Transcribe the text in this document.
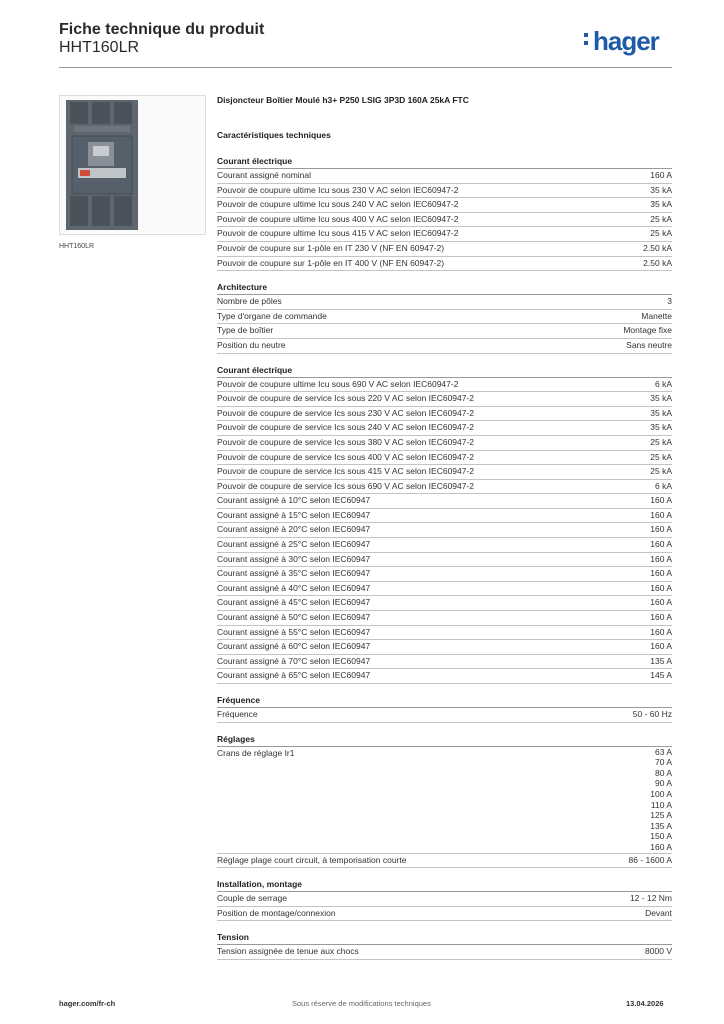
Fiche technique du produit
HHT160LR	hager
HHT160LR
Disjoncteur Boîtier Moulé h3+ P250 LSIG 3P3D 160A 25kA FTC
Caractéristiques techniques
Courant électrique
Courant assigné nominal	160 A
Pouvoir de coupure ultime Icu sous 230 V AC selon IEC60947-2	35 kA
Pouvoir de coupure ultime Icu sous 240 V AC selon IEC60947-2	35 kA
Pouvoir de coupure ultime Icu sous 400 V AC selon IEC60947-2	25 kA
Pouvoir de coupure ultime Icu sous 415 V AC selon IEC60947-2	25 kA
Pouvoir de coupure sur 1-pôle en IT 230 V (NF EN 60947-2)	2.50 kA
Pouvoir de coupure sur 1-pôle en IT 400 V (NF EN 60947-2)	2.50 kA
Architecture
Nombre de pôles	3
Type d'organe de commande	Manette
Type de boîtier	Montage fixe
Position du neutre	Sans neutre
Courant électrique
Pouvoir de coupure ultime Icu sous 690 V AC selon IEC60947-2	6 kA
Pouvoir de coupure de service Ics sous 220 V AC selon IEC60947-2	35 kA
Pouvoir de coupure de service Ics sous 230 V AC selon IEC60947-2	35 kA
Pouvoir de coupure de service Ics sous 240 V AC selon IEC60947-2	35 kA
Pouvoir de coupure de service Ics sous 380 V AC selon IEC60947-2	25 kA
Pouvoir de coupure de service Ics sous 400 V AC selon IEC60947-2	25 kA
Pouvoir de coupure de service Ics sous 415 V AC selon IEC60947-2	25 kA
Pouvoir de coupure de service Ics sous 690 V AC selon IEC60947-2	6 kA
Courant assigné à 10°C selon IEC60947	160 A
Courant assigné à 15°C selon IEC60947	160 A
Courant assigné à 20°C selon IEC60947	160 A
Courant assigné à 25°C selon IEC60947	160 A
Courant assigné à 30°C selon IEC60947	160 A
Courant assigné à 35°C selon IEC60947	160 A
Courant assigné à 40°C selon IEC60947	160 A
Courant assigné à 45°C selon IEC60947	160 A
Courant assigné à 50°C selon IEC60947	160 A
Courant assigné à 55°C selon IEC60947	160 A
Courant assigné à 60°C selon IEC60947	160 A
Courant assigné à 70°C selon IEC60947	135 A
Courant assigné à 65°C selon IEC60947	145 A
Fréquence
Fréquence	50 - 60 Hz
Réglages
Crans de réglage Ir1	63 A
70 A
80 A
90 A
100 A
110 A
125 A
135 A
150 A
160 A
Réglage plage court circuit, à temporisation courte	86 - 1600 A
Installation, montage
Couple de serrage	12 - 12 Nm
Position de montage/connexion	Devant
Tension
Tension assignée de tenue aux chocs	8000 V
hager.com/fr-ch	Sous réserve de modifications techniques	13.04.2026
